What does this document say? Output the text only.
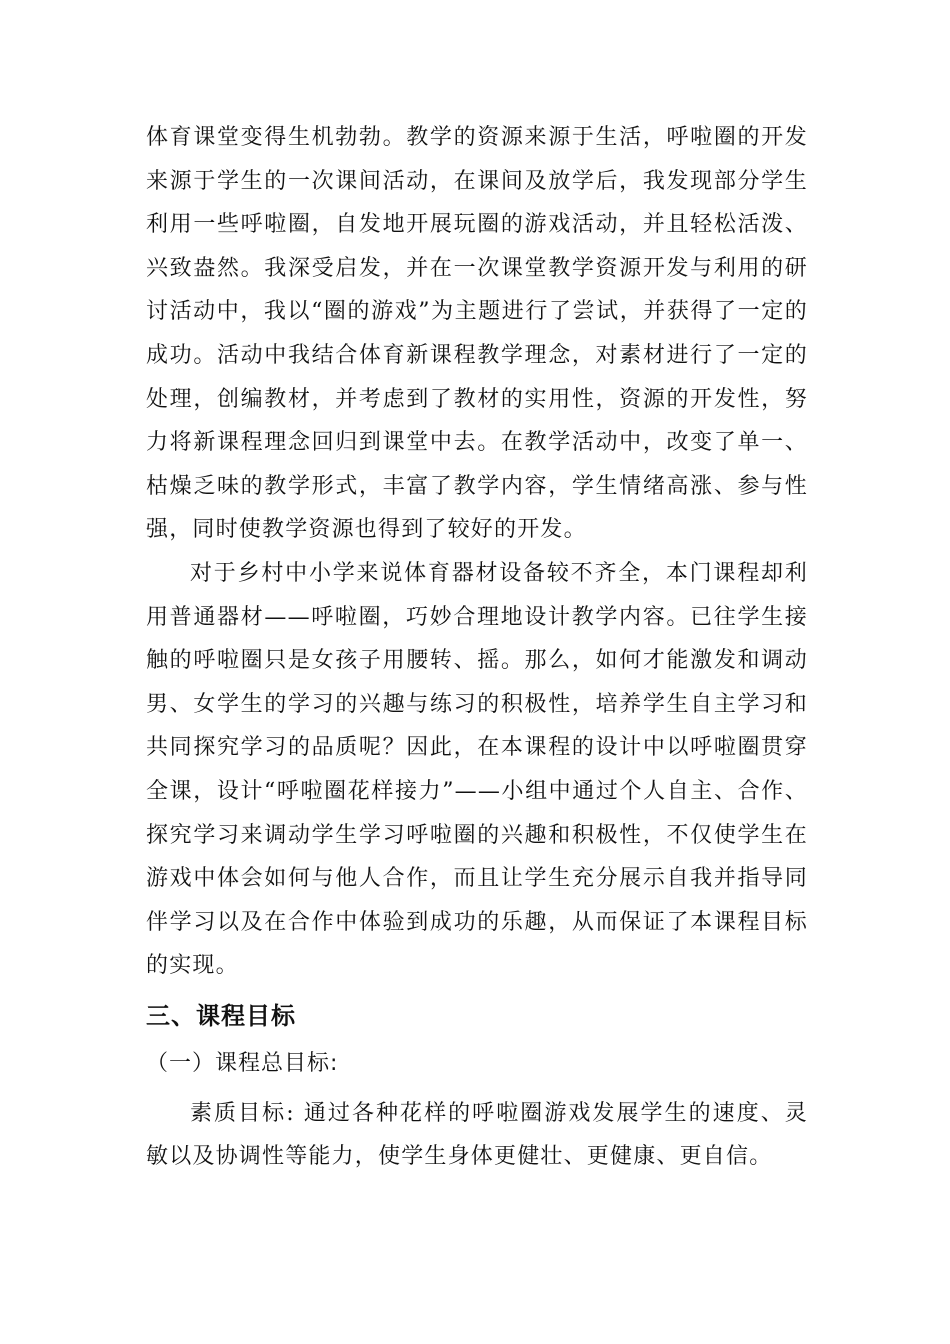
体育课堂变得生机勃勃。教学的资源来源于生活，呼啦圈的开发来源于学生的一次课间活动，在课间及放学后，我发现部分学生利用一些呼啦圈，自发地开展玩圈的游戏活动，并且轻松活泼、兴致盎然。我深受启发，并在一次课堂教学资源开发与利用的研讨活动中，我以“圈的游戏”为主题进行了尝试，并获得了一定的成功。活动中我结合体育新课程教学理念，对素材进行了一定的处理，创编教材，并考虑到了教材的实用性，资源的开发性，努力将新课程理念回归到课堂中去。在教学活动中，改变了单一、枯燥乏味的教学形式，丰富了教学内容，学生情绪高涨、参与性强，同时使教学资源也得到了较好的开发。

对于乡村中小学来说体育器材设备较不齐全，本门课程却利用普通器材——呼啦圈，巧妙合理地设计教学内容。已往学生接触的呼啦圈只是女孩子用腰转、摇。那么，如何才能激发和调动男、女学生的学习的兴趣与练习的积极性，培养学生自主学习和共同探究学习的品质呢？因此，在本课程的设计中以呼啦圈贯穿全课，设计“呼啦圈花样接力”——小组中通过个人自主、合作、探究学习来调动学生学习呼啦圈的兴趣和积极性，不仅使学生在游戏中体会如何与他人合作，而且让学生充分展示自我并指导同伴学习以及在合作中体验到成功的乐趣，从而保证了本课程目标的实现。

三、课程目标
（一）课程总目标:

素质目标: 通过各种花样的呼啦圈游戏发展学生的速度、灵敏以及协调性等能力，使学生身体更健壮、更健康、更自信。
